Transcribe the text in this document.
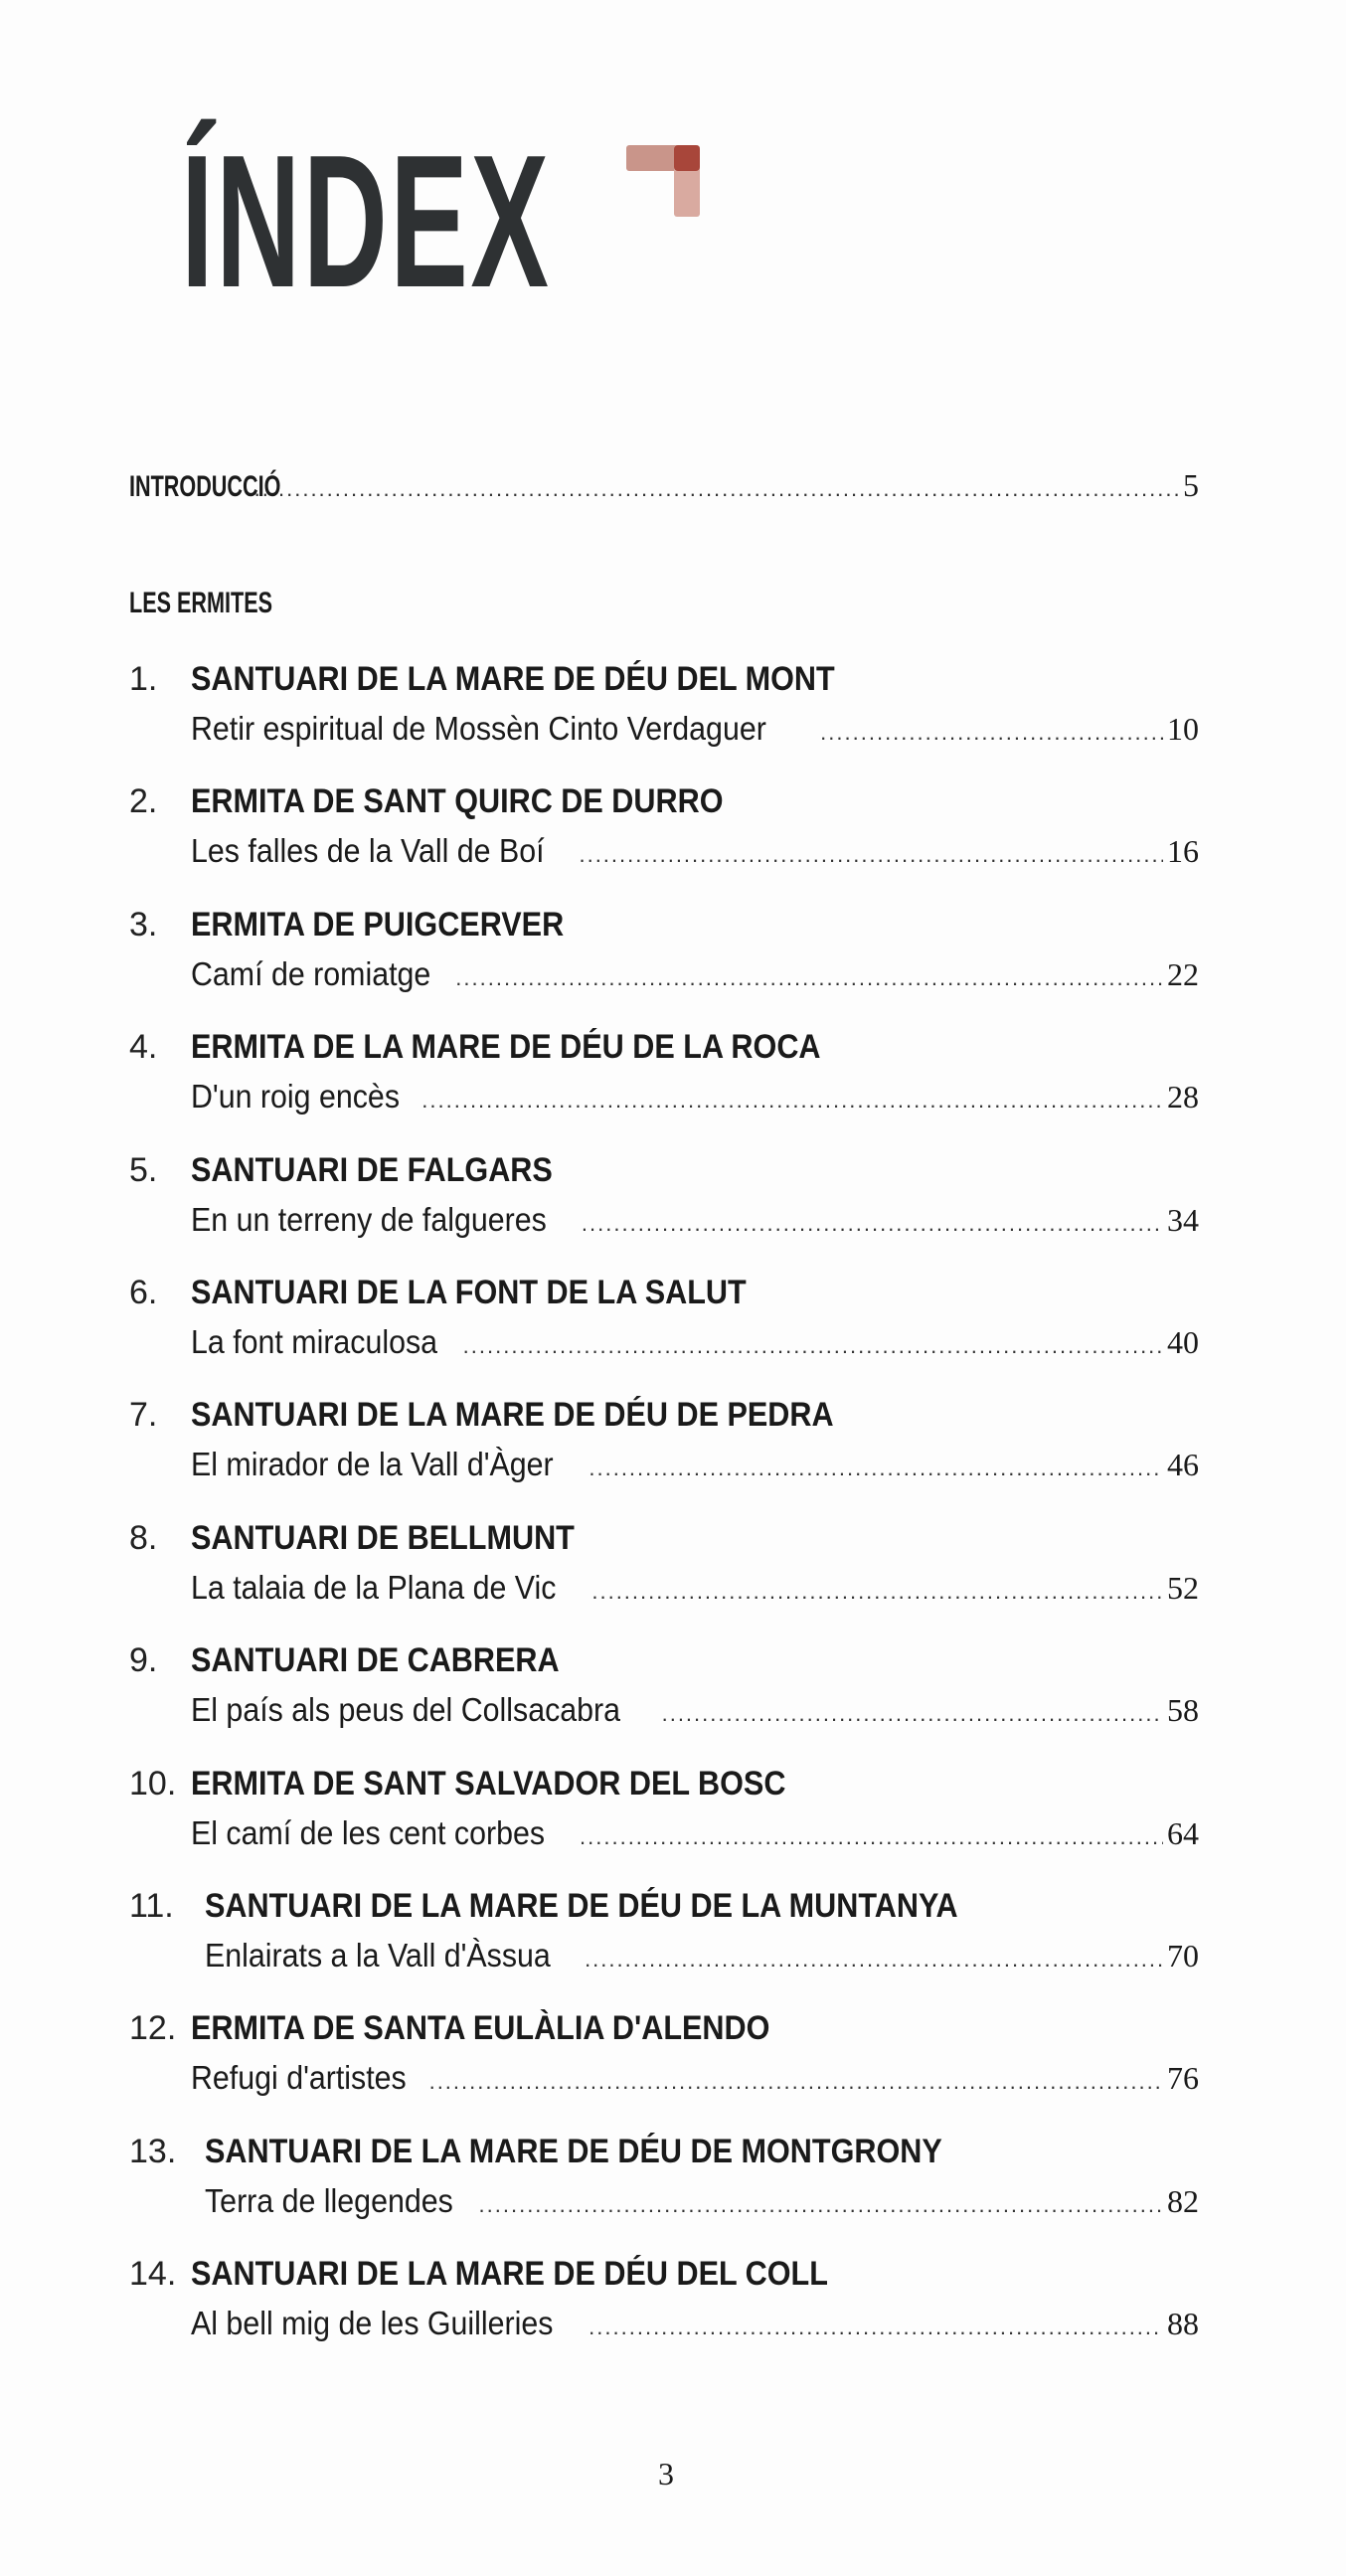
ÍNDEX
INTRODUCCIÓ .....	5
LES ERMITES
1. SANTUARI DE LA MARE DE DÉU DEL MONT
Retir espiritual de Mossèn Cinto Verdaguer .....	10
2. ERMITA DE SANT QUIRC DE DURRO
Les falles de la Vall de Boí .....	16
3. ERMITA DE PUIGCERVER
Camí de romiatge .....	22
4. ERMITA DE LA MARE DE DÉU DE LA ROCA
D'un roig encès .....	28
5. SANTUARI DE FALGARS
En un terreny de falgueres .....	34
6. SANTUARI DE LA FONT DE LA SALUT
La font miraculosa .....	40
7. SANTUARI DE LA MARE DE DÉU DE PEDRA
El mirador de la Vall d'Àger .....	46
8. SANTUARI DE BELLMUNT
La talaia de la Plana de Vic .....	52
9. SANTUARI DE CABRERA
El país als peus del Collsacabra .....	58
10. ERMITA DE SANT SALVADOR DEL BOSC
El camí de les cent corbes .....	64
11. SANTUARI DE LA MARE DE DÉU DE LA MUNTANYA
Enlairats a la Vall d'Àssua .....	70
12. ERMITA DE SANTA EULÀLIA D'ALENDO
Refugi d'artistes .....	76
13. SANTUARI DE LA MARE DE DÉU DE MONTGRONY
Terra de llegendes .....	82
14. SANTUARI DE LA MARE DE DÉU DEL COLL
Al bell mig de les Guilleries .....	88
3
